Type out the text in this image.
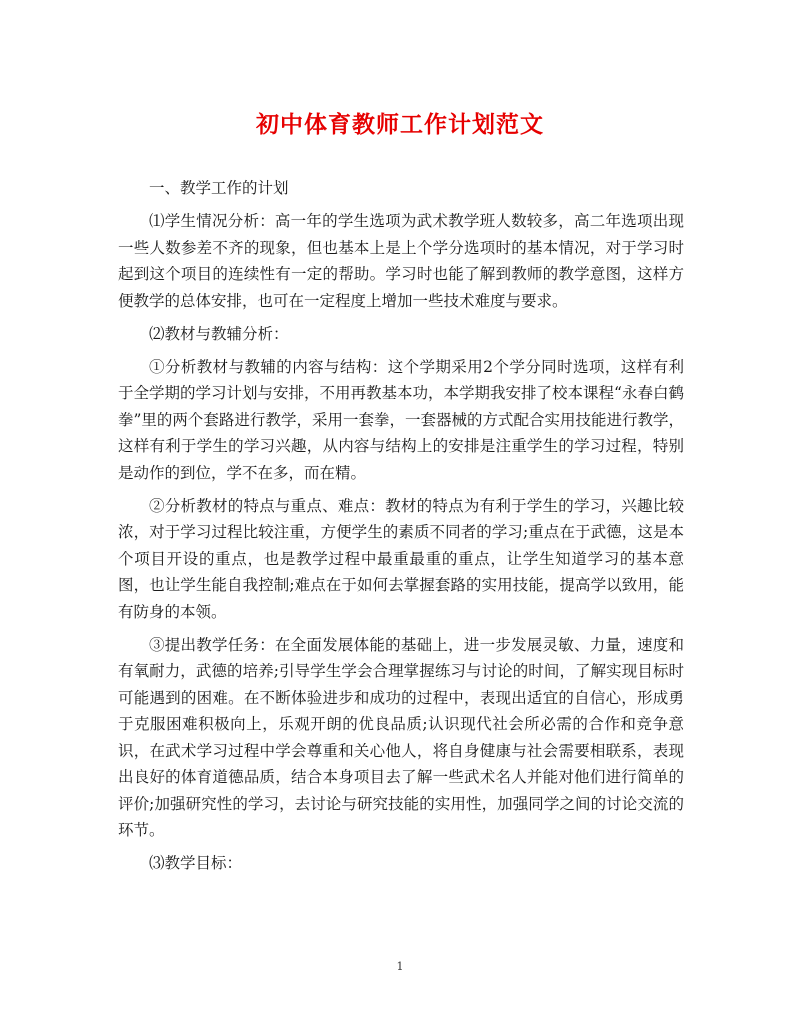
初中体育教师工作计划范文

一、教学工作的计划

⑴学生情况分析：高一年的学生选项为武术教学班人数较多，高二年选项出现一些人数参差不齐的现象，但也基本上是上个学分选项时的基本情况，对于学习时起到这个项目的连续性有一定的帮助。学习时也能了解到教师的教学意图，这样方便教学的总体安排，也可在一定程度上增加一些技术难度与要求。

⑵教材与教辅分析：

①分析教材与教辅的内容与结构：这个学期采用2个学分同时选项，这样有利于全学期的学习计划与安排，不用再教基本功，本学期我安排了校本课程“永春白鹤拳”里的两个套路进行教学，采用一套拳，一套器械的方式配合实用技能进行教学，这样有利于学生的学习兴趣，从内容与结构上的安排是注重学生的学习过程，特别是动作的到位，学不在多，而在精。

②分析教材的特点与重点、难点：教材的特点为有利于学生的学习，兴趣比较浓，对于学习过程比较注重，方便学生的素质不同者的学习;重点在于武德，这是本个项目开设的重点，也是教学过程中最重最重的重点，让学生知道学习的基本意图，也让学生能自我控制;难点在于如何去掌握套路的实用技能，提高学以致用，能有防身的本领。

③提出教学任务：在全面发展体能的基础上，进一步发展灵敏、力量，速度和有氧耐力，武德的培养;引导学生学会合理掌握练习与讨论的时间，了解实现目标时可能遇到的困难。在不断体验进步和成功的过程中，表现出适宜的自信心，形成勇于克服困难积极向上，乐观开朗的优良品质;认识现代社会所必需的合作和竞争意识，在武术学习过程中学会尊重和关心他人，将自身健康与社会需要相联系，表现出良好的体育道德品质，结合本身项目去了解一些武术名人并能对他们进行简单的评价;加强研究性的学习，去讨论与研究技能的实用性，加强同学之间的讨论交流的环节。

⑶教学目标：

1
